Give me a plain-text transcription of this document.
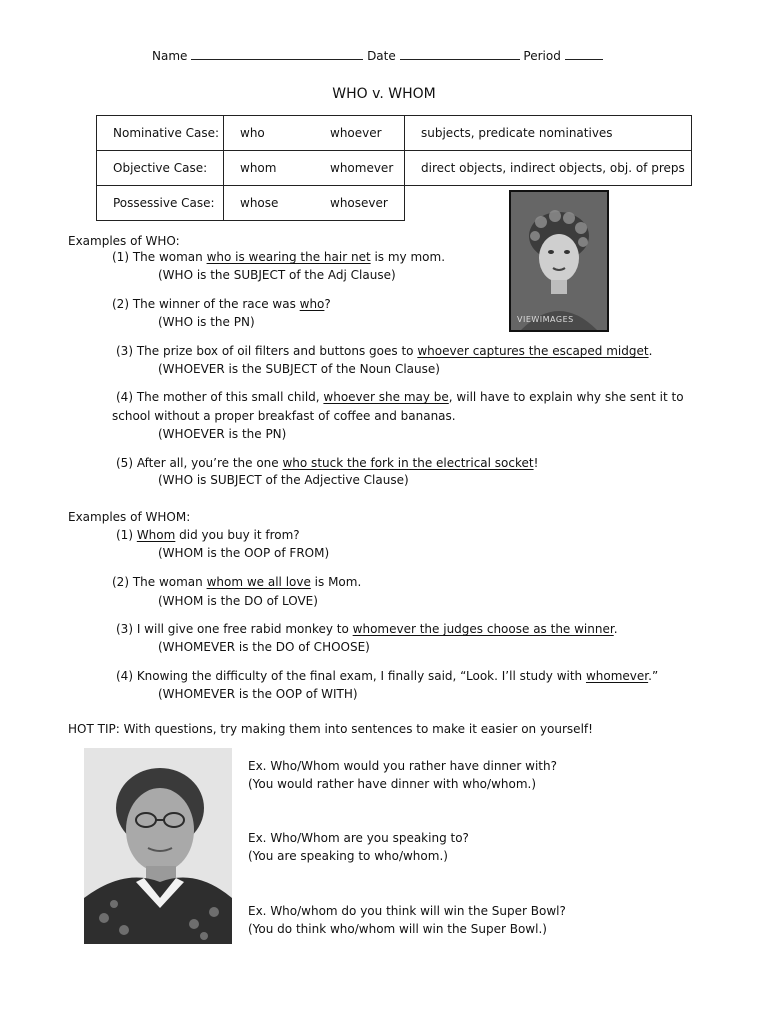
Name	Date	Period
WHO v. WHOM
Nominative Case:	who whoever	subjects, predicate nominatives
Objective Case:	whom whomever	direct objects, indirect objects, obj. of preps
Possessive Case:	whose whosever	
VIEWIMAGES
Examples of WHO:
(1) The woman who is wearing the hair net is my mom.
(WHO is the SUBJECT of the Adj Clause)
(2) The winner of the race was who?
(WHO is the PN)
(3) The prize box of oil filters and buttons goes to whoever captures the escaped midget.
(WHOEVER is the SUBJECT of the Noun Clause)
(4) The mother of this small child, whoever she may be, will have to explain why she sent it to
school without a proper breakfast of coffee and bananas.
(WHOEVER is the PN)
(5) After all, you’re the one who stuck the fork in the electrical socket!
(WHO is SUBJECT of the Adjective Clause)
Examples of WHOM:
(1) Whom did you buy it from?
(WHOM is the OOP of FROM)
(2) The woman whom we all love is Mom.
(WHOM is the DO of LOVE)
(3) I will give one free rabid monkey to whomever the judges choose as the winner.
(WHOMEVER is the DO of CHOOSE)
(4) Knowing the difficulty of the final exam, I finally said, “Look. I’ll study with whomever.”
(WHOMEVER is the OOP of WITH)
HOT TIP: With questions, try making them into sentences to make it easier on yourself!
Ex. Who/Whom would you rather have dinner with?
(You would rather have dinner with who/whom.)
Ex. Who/Whom are you speaking to?
(You are speaking to who/whom.)
Ex. Who/whom do you think will win the Super Bowl?
(You do think who/whom will win the Super Bowl.)
